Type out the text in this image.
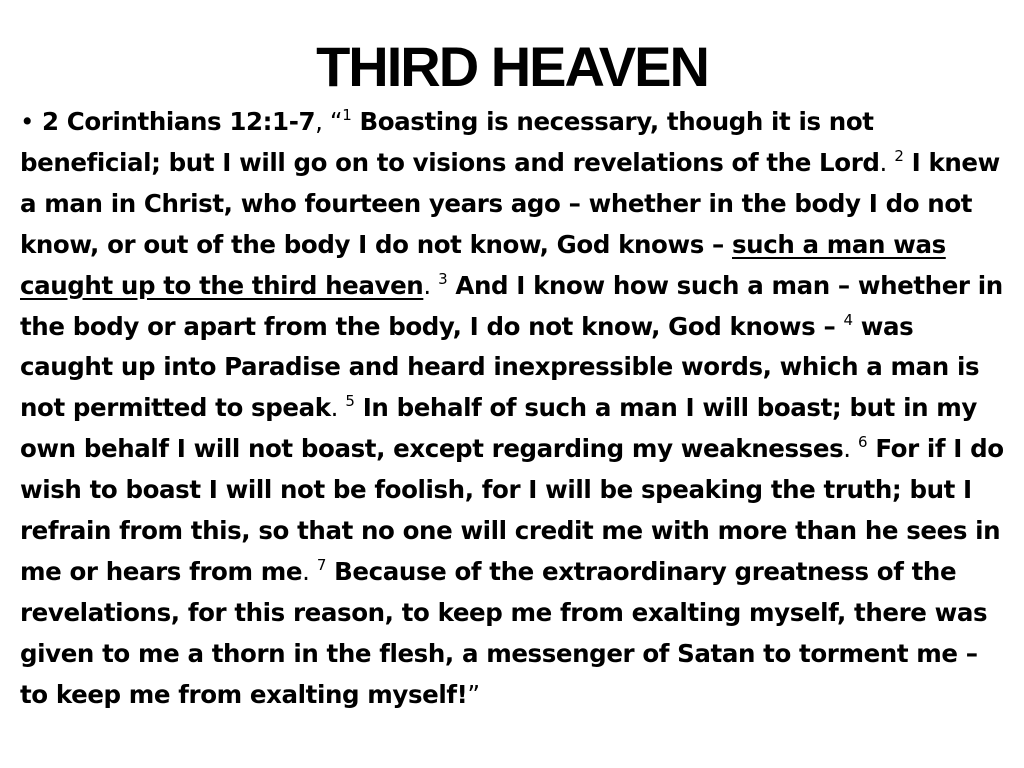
THIRD HEAVEN

• 2 Corinthians 12:1-7, “$^1$ Boasting is necessary, though it is not beneficial; but I will go on to visions and revelations of the Lord. $^2$ I knew a man in Christ, who fourteen years ago – whether in the body I do not know, or out of the body I do not know, God knows – such a man was caught up to the third heaven. $^3$ And I know how such a man – whether in the body or apart from the body, I do not know, God knows – $^4$ was caught up into Paradise and heard inexpressible words, which a man is not permitted to speak. $^5$ In behalf of such a man I will boast; but in my own behalf I will not boast, except regarding my weaknesses. $^6$ For if I do wish to boast I will not be foolish, for I will be speaking the truth; but I refrain from this, so that no one will credit me with more than he sees in me or hears from me. $^7$ Because of the extraordinary greatness of the revelations, for this reason, to keep me from exalting myself, there was given to me a thorn in the flesh, a messenger of Satan to torment me – to keep me from exalting myself!”
